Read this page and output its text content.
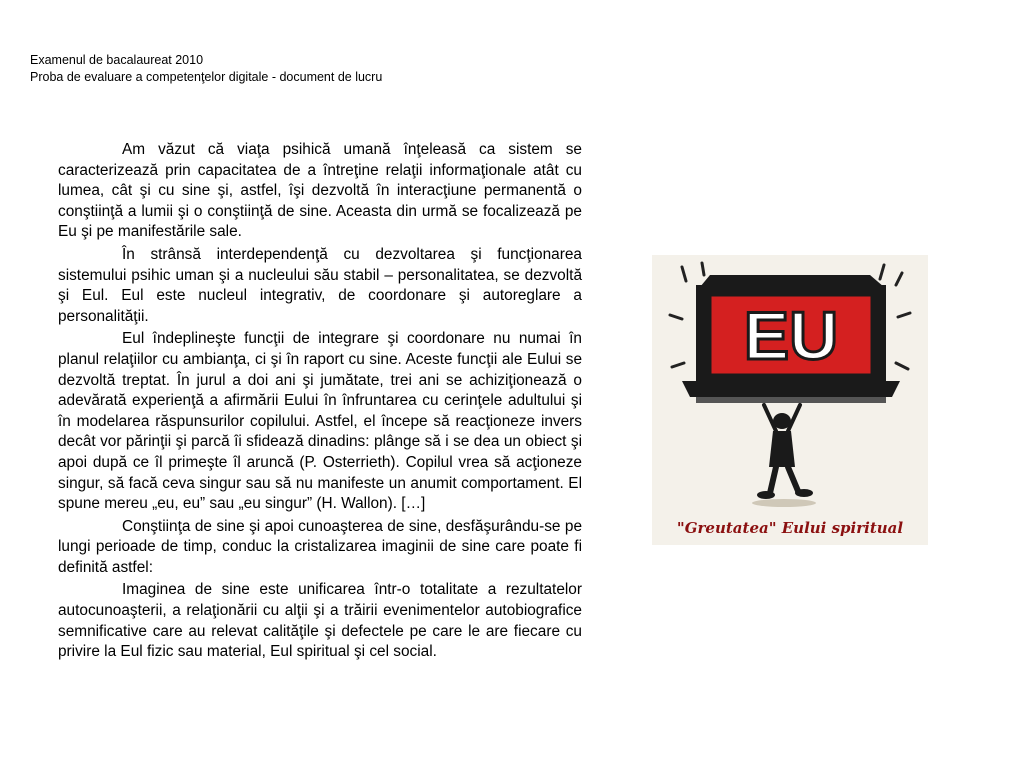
Examenul de bacalaureat 2010
Proba de evaluare a competenţelor digitale - document de lucru

Am văzut că viaţa psihică umană înţeleasă ca sistem se caracterizează prin capacitatea de a întreţine relaţii informaţionale atât cu lumea, cât şi cu sine şi, astfel, îşi dezvoltă în interacţiune permanentă o conştiinţă a lumii şi o conştiinţă de sine. Aceasta din urmă se focalizează pe Eu şi pe manifestările sale.

În strânsă interdependenţă cu dezvoltarea şi funcţionarea sistemului psihic uman şi a nucleului său stabil – personalitatea, se dezvoltă şi Eul. Eul este nucleul integrativ, de coordonare şi autoreglare a personalităţii.

Eul îndeplineşte funcţii de integrare şi coordonare nu numai în planul relaţiilor cu ambianţa, ci şi în raport cu sine. Aceste funcţii ale Eului se dezvoltă treptat. În jurul a doi ani şi jumătate, trei ani se achiziţionează o adevărată experienţă a afirmării Eului în înfruntarea cu cerinţele adultului şi în modelarea răspunsurilor copilului. Astfel, el începe să reacţioneze invers decât vor părinţii şi parcă îi sfidează dinadins: plânge să i se dea un obiect şi apoi după ce îl primeşte îl aruncă (P. Osterrieth). Copilul vrea să acţioneze singur, să facă ceva singur sau să nu manifeste un anumit comportament. El spune mereu „eu, eu” sau „eu singur” (H. Wallon). […]

Conştiinţa de sine şi apoi cunoaşterea de sine, desfăşurându-se pe lungi perioade de timp, conduc la cristalizarea imaginii de sine care poate fi definită astfel:

Imaginea de sine este unificarea într-o totalitate a rezultatelor autocunoaşterii, a relaţionării cu alţii şi a trăirii evenimentelor autobiografice semnificative care au relevat calităţile şi defectele pe care le are fiecare cu privire la Eul fizic sau material, Eul spiritual şi cel social.

EU
"Greutatea" Eului spiritual
